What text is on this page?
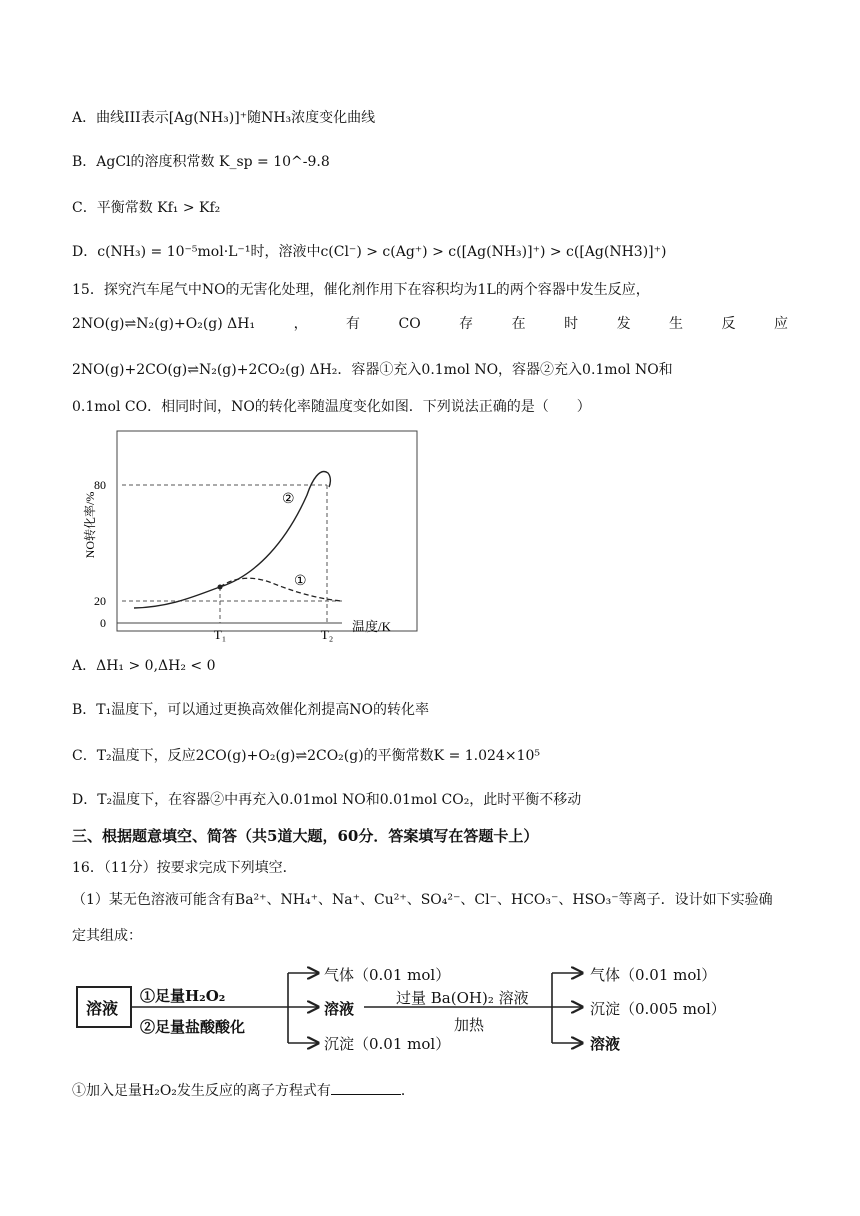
A．曲线III表示[Ag(NH₃)]⁺随NH₃浓度变化曲线
B．AgCl的溶度积常数 K_sp = 10^-9.8
C．平衡常数 Kf₁ > Kf₂
D．c(NH₃) = 10⁻⁵mol·L⁻¹时，溶液中c(Cl⁻) > c(Ag⁺) > c([Ag(NH₃)]⁺) > c([Ag(NH3)]⁺)
15．探究汽车尾气中NO的无害化处理，催化剂作用下在容积均为1L的两个容器中发生反应，
2NO(g)⇌N₂(g)+O₂(g) ΔH₁	，	有	CO	存	在	时	发	生	反	应
2NO(g)+2CO(g)⇌N₂(g)+2CO₂(g) ΔH₂．容器①充入0.1mol NO，容器②充入0.1mol NO和
0.1mol CO．相同时间，NO的转化率随温度变化如图．下列说法正确的是（　　）
NO转化率/%
温度/K
0
20
80
T₁	T₂
②
①
A．ΔH₁ > 0,ΔH₂ < 0
B．T₁温度下，可以通过更换高效催化剂提高NO的转化率
C．T₂温度下，反应2CO(g)+O₂(g)⇌2CO₂(g)的平衡常数K = 1.024×10⁵
D．T₂温度下，在容器②中再充入0.01mol NO和0.01mol CO₂，此时平衡不移动
三、根据题意填空、简答（共5道大题，60分．答案填写在答题卡上）
16．（11分）按要求完成下列填空．
（1）某无色溶液可能含有Ba²⁺、NH₄⁺、Na⁺、Cu²⁺、SO₄²⁻、Cl⁻、HCO₃⁻、HSO₃⁻等离子．设计如下实验确
定其组成：
溶液
①足量H₂O₂
②足量盐酸酸化
气体（0.01 mol）
溶液
沉淀（0.01 mol）
过量 Ba(OH)₂ 溶液
加热
气体（0.01 mol）
沉淀（0.005 mol）
溶液
①加入足量H₂O₂发生反应的离子方程式有	．
